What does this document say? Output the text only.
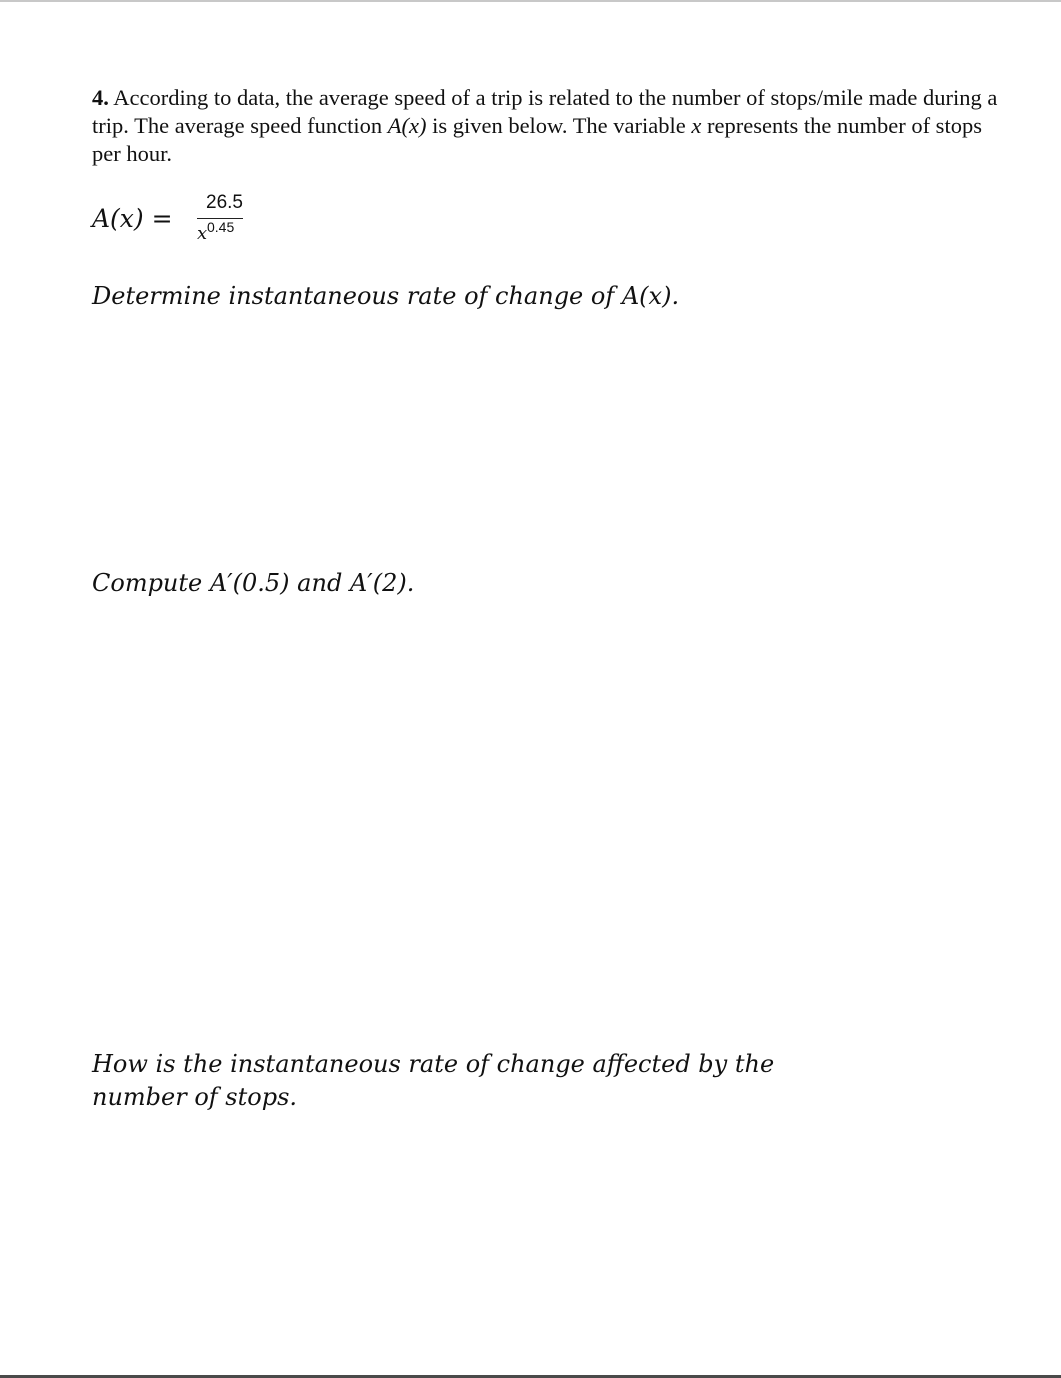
4. According to data, the average speed of a trip is related to the number of stops/mile made during a trip. The average speed function A(x) is given below. The variable x represents the number of stops per hour.
A(x) =
26.5
x 0.45
Determine instantaneous rate of change of A(x).
Compute A′(0.5) and A′(2).
How is the instantaneous rate of change affected by the
number of stops.
